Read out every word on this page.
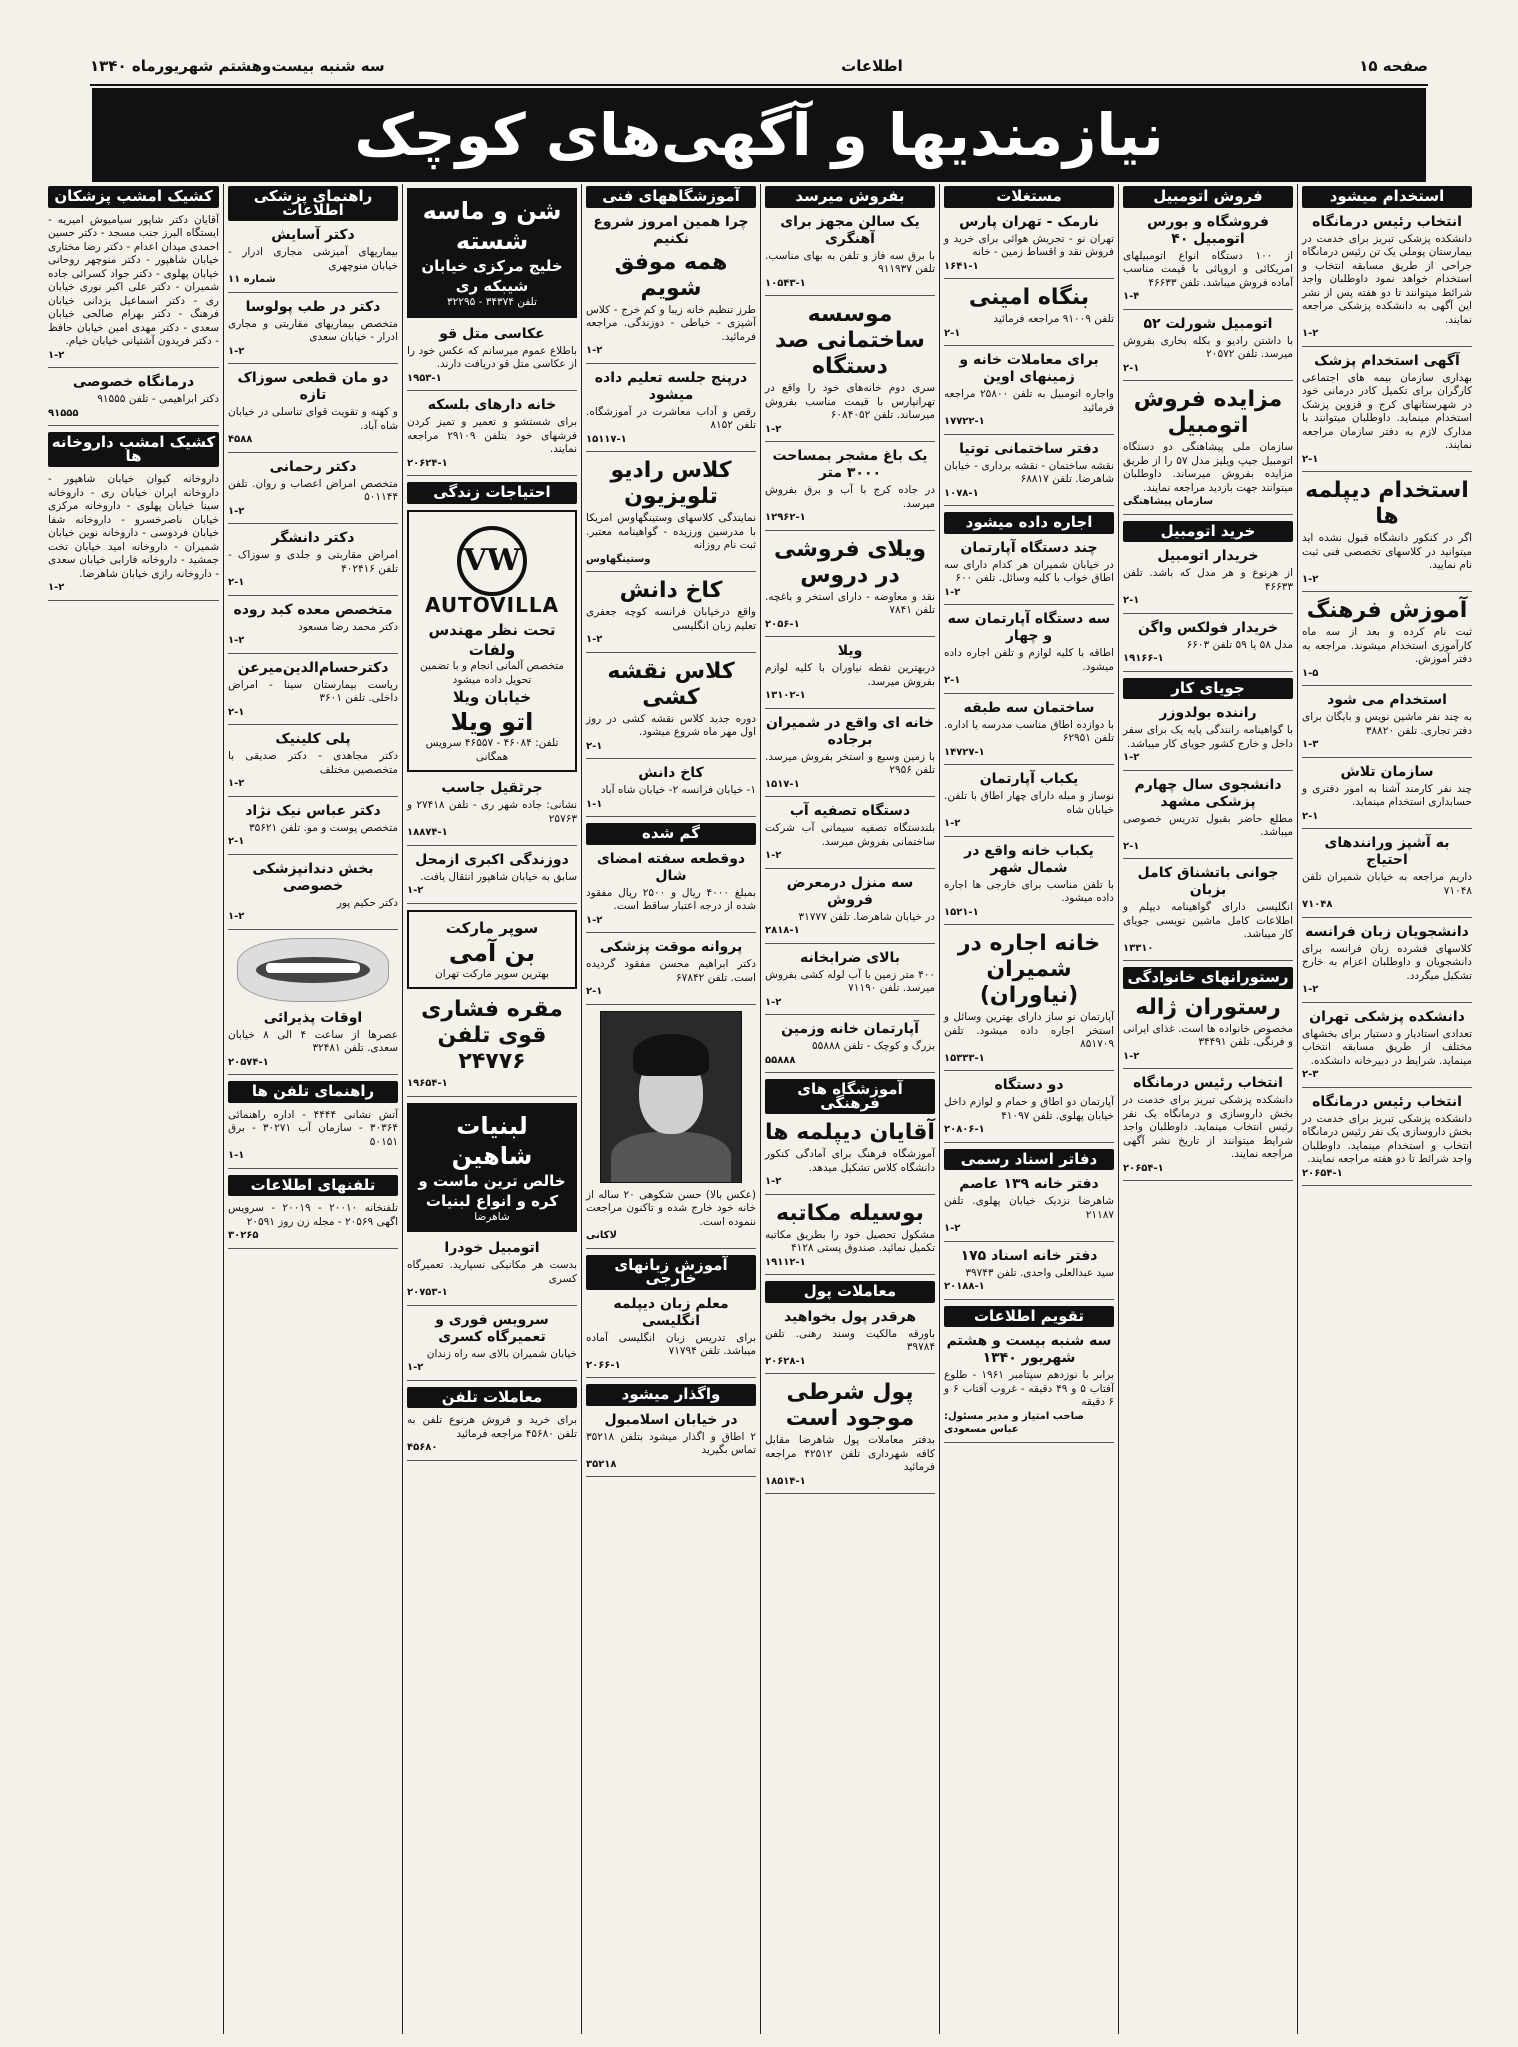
صفحه ۱۵
اطلاعات
سه شنبه بیست‌وهشتم شهریورماه ۱۳۴۰
نیازمندیها و آگهی‌های کوچک
استخدام میشود
انتخاب رئیس درمانگاه
دانشکده پزشکی تبریز برای خدمت در بیمارستان پوملی یک تن رئیس درمانگاه جراحی از طریق مسابقه انتخاب و استخدام خواهد نمود داوطلبان واجد شرائط میتوانند تا دو هفته پس از نشر این آگهی به دانشکده پزشکی مراجعه نمایند.
۱-۲
آگهی استخدام پزشک
بهداری سازمان بیمه های اجتماعی کارگران برای تکمیل کادر درمانی خود در شهرستانهای کرج و قزوین پزشک استخدام مینماید. داوطلبان میتوانند با مدارک لازم به دفتر سازمان مراجعه نمایند.
۲-۱
استخدام دیپلمه ها
اگر در کنکور دانشگاه قبول نشده اید میتوانید در کلاسهای تخصصی فنی ثبت نام نمایید.
۱-۲
آموزش فرهنگ
ثبت نام کرده و بعد از سه ماه کارآموزی استخدام میشوند. مراجعه به دفتر آموزش.
۱-۵
استخدام می شود
به چند نفر ماشین نویس و بایگان برای دفتر تجاری. تلفن ۳۸۸۲۰
۱-۳
سازمان تلاش
چند نفر کارمند آشنا به امور دفتری و حسابداری استخدام مینماید.
۲-۱
به آشپز ورانندهای احتیاج
داریم مراجعه به خیابان شمیران تلفن ۷۱۰۴۸
۷۱۰۴۸
دانشجویان زبان فرانسه
کلاسهای فشرده زبان فرانسه برای دانشجویان و داوطلبان اعزام به خارج تشکیل میگردد.
۱-۲
دانشکده پزشکی تهران
تعدادی استادیار و دستیار برای بخشهای مختلف از طریق مسابقه انتخاب مینماید. شرایط در دبیرخانه دانشکده.
۲-۳
انتخاب رئیس درمانگاه
دانشکده پزشکی تبریز برای خدمت در بخش داروسازی یک نفر رئیس درمانگاه انتخاب و استخدام مینماید. داوطلبان واجد شرائط تا دو هفته مراجعه نمایند.
۲۰۶۵۴-۱
فروش اتومبیل
فروشگاه و بورس اتومبیل ۴۰
از ۱۰۰ دستگاه انواع اتومبیلهای امریکائی و اروپائی با قیمت مناسب آماده فروش میباشد. تلفن ۴۶۶۳۳
۱-۴
اتومبیل شورلت ۵۲
با داشتن رادیو و بکله بخاری بفروش میرسد. تلفن ۲۰۵۷۲
۲-۱
مزایده فروش اتومبیل
سازمان ملی پیشاهنگی دو دستگاه اتومبیل جیپ ویلیز مدل ۵۷ را از طریق مزایده بفروش میرساند. داوطلبان میتوانند جهت بازدید مراجعه نمایند.
سازمان پیشاهنگی
خرید اتومبیل
خریدار اتومبیل
از هرنوع و هر مدل که باشد. تلفن ۴۶۶۳۳
۲-۱
خریدار فولکس واگن
مدل ۵۸ یا ۵۹ تلفن ۶۶۰۳
۱۹۱۶۶-۱
جویای کار
راننده بولدوزر
با گواهینامه رانندگی پایه یک برای سفر داخل و خارج کشور جویای کار میباشد.
۱-۲
دانشجوی سال چهارم پزشکی مشهد
مطلع حاضر بقبول تدریس خصوصی میباشد.
۲-۱
جوانی باتشناق کامل بزبان
انگلیسی دارای گواهینامه دیپلم و اطلاعات کامل ماشین نویسی جویای کار میباشد.
۱۳۳۱۰
رستورانهای خانوادگی
رستوران ژاله
مخصوص خانواده ها است. غذای ایرانی و فرنگی. تلفن ۳۴۴۹۱
۱-۲
انتخاب رئیس درمانگاه
دانشکده پزشکی تبریز برای خدمت در بخش داروسازی و درمانگاه یک نفر رئیس انتخاب مینماید. داوطلبان واجد شرایط میتوانند از تاریخ نشر آگهی مراجعه نمایند.
۲۰۶۵۴-۱
مستغلات
نارمک - تهران پارس
تهران نو - تجریش هوائی برای خرید و فروش نقد و اقساط زمین - خانه
۱۶۴۱-۱
بنگاه امینی
تلفن ۹۱۰۰۹ مراجعه فرمائید
۲-۱
برای معاملات خانه و زمینهای اوین
واجاره اتومبیل به تلفن ۲۵۸۰۰ مراجعه فرمائید
۱۷۷۲۲-۱
دفتر ساختمانی توتیا
نقشه ساختمان - نقشه برداری - خیابان شاهرضا. تلفن ۶۸۸۱۷
۱۰۷۸-۱
اجاره داده میشود
چند دستگاه آپارتمان
در خیابان شمیران هر کدام دارای سه اطاق خواب با کلیه وسائل. تلفن ۶۰۰
۱-۲
سه دستگاه آپارتمان سه و چهار
اطاقه با کلیه لوازم و تلفن اجاره داده میشود.
۲-۱
ساختمان سه طبقه
با دوازده اطاق مناسب مدرسه یا اداره. تلفن ۶۲۹۵۱
۱۴۷۲۷-۱
یکباب آپارتمان
نوساز و مبله دارای چهار اطاق با تلفن. خیابان شاه
۱-۲
یکباب خانه واقع در شمال شهر
با تلفن مناسب برای خارجی ها اجاره داده میشود.
۱۵۲۱-۱
خانه اجاره در شمیران (نیاوران)
آپارتمان نو ساز دارای بهترین وسائل و استخر اجاره داده میشود. تلفن ۸۵۱۷۰۹
۱۵۳۳۳-۱
دو دستگاه
آپارتمان دو اطاق و حمام و لوازم داخل خیابان پهلوی. تلفن ۴۱۰۹۷
۲۰۸۰۶-۱
دفاتر اسناد رسمی
دفتر خانه ۱۳۹ عاصم
شاهرضا نزدیک خیابان پهلوی. تلفن ۲۱۱۸۷
۱-۲
دفتر خانه اسناد ۱۷۵
سید عبدالعلی واحدی. تلفن ۳۹۷۴۳
۲۰۱۸۸-۱
تقویم اطلاعات
سه شنبه بیست و هشتم شهریور ۱۳۴۰
برابر با نوزدهم سپتامبر ۱۹۶۱ - طلوع آفتاب ۵ و ۴۹ دقیقه - غروب آفتاب ۶ و ۶ دقیقه
صاحب امتیاز و مدیر مسئول: عباس مسعودی
بفروش میرسد
یک سالن مجهز برای آهنگری
با برق سه فاز و تلفن به بهای مناسب. تلفن ۹۱۱۹۳۷
۱۰۵۴۳-۱
موسسه ساختمانی صد دستگاه
سری دوم خانه‌های خود را واقع در تهرانپارس با قیمت مناسب بفروش میرساند. تلفن ۶۰۸۴۰۵۲
۱-۲
یک باغ مشجر بمساحت ۳۰۰۰ متر
در جاده کرج با آب و برق بفروش میرسد.
۱۲۹۶۲-۱
ویلای فروشی در دروس
نقد و معاوضه - دارای استخر و باغچه. تلفن ۷۸۴۱
۲۰۵۶-۱
ویلا
دربهترین نقطه نیاوران با کلیه لوازم بفروش میرسد.
۱۳۱۰۲-۱
خانه ای واقع در شمیران برجاده
با زمین وسیع و استخر بفروش میرسد. تلفن ۲۹۵۶
۱۵۱۷-۱
دستگاه تصفیه آب
بلندستگاه تصفیه سیمانی آب شرکت ساختمانی بفروش میرسد.
۱-۲
سه منزل درمعرض فروش
در خیابان شاهرضا. تلفن ۳۱۷۷۷
۲۸۱۸-۱
بالای ضرابخانه
۴۰۰ متر زمین با آب لوله کشی بفروش میرسد. تلفن ۷۱۱۹۰
۱-۲
آپارتمان خانه وزمین
بزرگ و کوچک - تلفن ۵۵۸۸۸
۵۵۸۸۸
آموزشگاه های فرهنگی
آقایان دیپلمه ها
آموزشگاه فرهنگ برای آمادگی کنکور دانشگاه کلاس تشکیل میدهد.
۱-۲
بوسیله مکاتبه
مشکول تحصیل خود را بطریق مکاتبه تکمیل نمائید. صندوق پستی ۴۱۲۸
۱۹۱۱۲-۱
معاملات پول
هرقدر پول بخواهید
باورقه مالکیت وسند رهنی. تلفن ۳۹۷۸۴
۲۰۶۲۸-۱
پول شرطی موجود است
بدفتر معاملات پول شاهرضا مقابل کافه شهرداری تلفن ۴۲۵۱۲ مراجعه فرمائید
۱۸۵۱۴-۱
آموزشگاههای فنی
چرا همین امروز شروع نکنیم
همه موفق شویم
طرز تنظیم خانه زیبا و کم خرج - کلاس آشپزی - خیاطی - دوزندگی. مراجعه فرمائید.
۱-۲
درپنج جلسه تعلیم داده میشود
رقص و آداب معاشرت در آموزشگاه. تلفن ۸۱۵۲
۱۵۱۱۷-۱
کلاس رادیو تلویزیون
نمایندگی کلاسهای وستینگهاوس امریکا با مدرسین ورزیده - گواهینامه معتبر. ثبت نام روزانه
وستینگهاوس
کاخ دانش
واقع درخیابان فرانسه کوچه جعفری تعلیم زبان انگلیسی
۱-۲
کلاس نقشه کشی
دوره جدید کلاس نقشه کشی در روز اول مهر ماه شروع میشود.
۲-۱
کاخ دانش
۱- خیابان فرانسه ۲- خیابان شاه آباد
۱-۱
گم شده
دوقطعه سفته امضای شال
بمبلغ ۴۰۰۰ ریال و ۲۵۰۰ ریال مفقود شده از درجه اعتبار ساقط است.
۱-۲
پروانه موقت پزشکی
دکتر ابراهیم محسن مفقود گردیده است. تلفن ۶۷۸۴۲
۲-۱
(عکس بالا) حسن شکوهی ۲۰ ساله از خانه خود خارج شده و تاکنون مراجعت ننموده است.
لاکانی
آموزش زبانهای خارجی
معلم زبان دیپلمه انگلیسی
برای تدریس زبان انگلیسی آماده میباشد. تلفن ۷۱۷۹۴
۲۰۶۶-۱
واگذار میشود
در خیابان اسلامبول
۲ اطاق و اگذار میشود بتلفن ۳۵۲۱۸ تماس بگیرید
۳۵۲۱۸
شن و ماسه شسته
خلیج مرکزی خیابان شیبکه ری
تلفن ۳۴۳۷۴ - ۳۲۲۹۵
عکاسی متل قو
باطلاع عموم میرسانم که عکس خود را از عکاسی متل قو دریافت دارند.
۱۹۵۳-۱
خانه دارهای بلسکه
برای شستشو و تعمیر و تمیز کردن فرشهای خود بتلفن ۲۹۱۰۹ مراجعه نمایند.
۲۰۶۲۴-۱
احتیاجات زندگی
VW
AUTOVILLA
تحت نظر مهندس ولفات
متخصص آلمانی انجام و با تضمین تحویل داده میشود
خیابان ویلا
اتو ویلا
تلفن: ۴۶۰۸۴ - ۴۶۵۵۷ سرویس همگانی
جرثقیل جاسب
نشانی: جاده شهر ری - تلفن ۲۷۴۱۸ و ۲۵۷۶۳
۱۸۸۷۴-۱
دوزندگی اکبری ازمحل
سابق به خیابان شاهپور انتقال یافت.
۱-۲
سوپر مارکت
بن آمی
بهترین سوپر مارکت تهران
مقره فشاری قوی تلفن ۲۴۷۷۶
۱۹۶۵۴-۱
لبنیات شاهین
خالص ترین ماست و کره و انواع لبنیات
شاهرضا
اتومبیل خودرا
بدست هر مکانیکی نسپارید. تعمیرگاه کسری
۲۰۷۵۳-۱
سرویس فوری و تعمیرگاه کسری
خیابان شمیران بالای سه راه زندان
۱-۲
معاملات تلفن
برای خرید و فروش هرنوع تلفن به تلفن ۴۵۶۸۰ مراجعه فرمائید
۴۵۶۸۰
راهنمای پزشکی اطلاعات
دکتر آسایش
بیماریهای آمیزشی مجاری ادرار - خیابان منوچهری
شماره ۱۱
دکتر در طب پولوسا
متخصص بیماریهای مقاربتی و مجاری ادرار - خیابان سعدی
۱-۲
دو مان قطعی سوزاک تازه
و کهنه و تقویت قوای تناسلی در خیابان شاه آباد.
۴۵۸۸
دکتر رحمانی
متخصص امراض اعصاب و روان. تلفن ۵۰۱۱۴۴
۱-۲
دکتر دانشگر
امراض مقاربتی و جلدی و سوزاک - تلفن ۴۰۲۴۱۶
۲-۱
متخصص معده کبد روده
دکتر محمد رضا مسعود
۱-۲
دکترحسام‌الدین‌میرعن
ریاست بیمارستان سینا - امراض داخلی. تلفن ۳۶۰۱
۲-۱
پلی کلینیک
دکتر مجاهدی - دکتر صدیقی با متخصصین مختلف
۱-۲
دکتر عباس نیک نژاد
متخصص پوست و مو. تلفن ۳۵۶۲۱
۲-۱
بخش دندانپزشکی خصوصی
دکتر حکیم پور
۱-۲
اوقات پذیرائی
عصرها از ساعت ۴ الی ۸ خیابان سعدی. تلفن ۳۲۴۸۱
۲۰۵۷۴-۱
راهنمای تلفن ها
آتش نشانی ۴۴۴۴ - اداره راهنمائی ۳۰۳۶۴ - سازمان آب ۳۰۲۷۱ - برق ۵۰۱۵۱
۱-۱
تلفنهای اطلاعات
تلفنخانه ۲۰۰۱۰ - ۲۰۰۱۹ - سرویس اگهی ۲۰۵۶۹ - مجله زن روز ۲۰۵۹۱
۳۰۲۶۵
کشیک امشب پزشکان
آقایان دکتر شاپور سیامیوش امیریه - ایستگاه البرز جنب مسجد - دکتر حسین احمدی میدان اعدام - دکتر رضا مختاری خیابان شاهپور - دکتر منوچهر روحانی خیابان پهلوی - دکتر جواد کسرائی جاده شمیران - دکتر علی اکبر نوری خیابان ری - دکتر اسماعیل یزدانی خیابان فرهنگ - دکتر بهرام صالحی خیابان سعدی - دکتر مهدی امین خیابان حافظ - دکتر فریدون آشتیانی خیابان خیام.
۱-۲
درمانگاه خصوصی
دکتر ابراهیمی - تلفن ۹۱۵۵۵
۹۱۵۵۵
کشیک امشب داروخانه ها
داروخانه کیوان خیابان شاهپور - داروخانه ایران خیابان ری - داروخانه سینا خیابان پهلوی - داروخانه مرکزی خیابان ناصرخسرو - داروخانه شفا خیابان فردوسی - داروخانه نوین خیابان شمیران - داروخانه امید خیابان تخت جمشید - داروخانه فارابی خیابان سعدی - داروخانه رازی خیابان شاهرضا.
۱-۲
